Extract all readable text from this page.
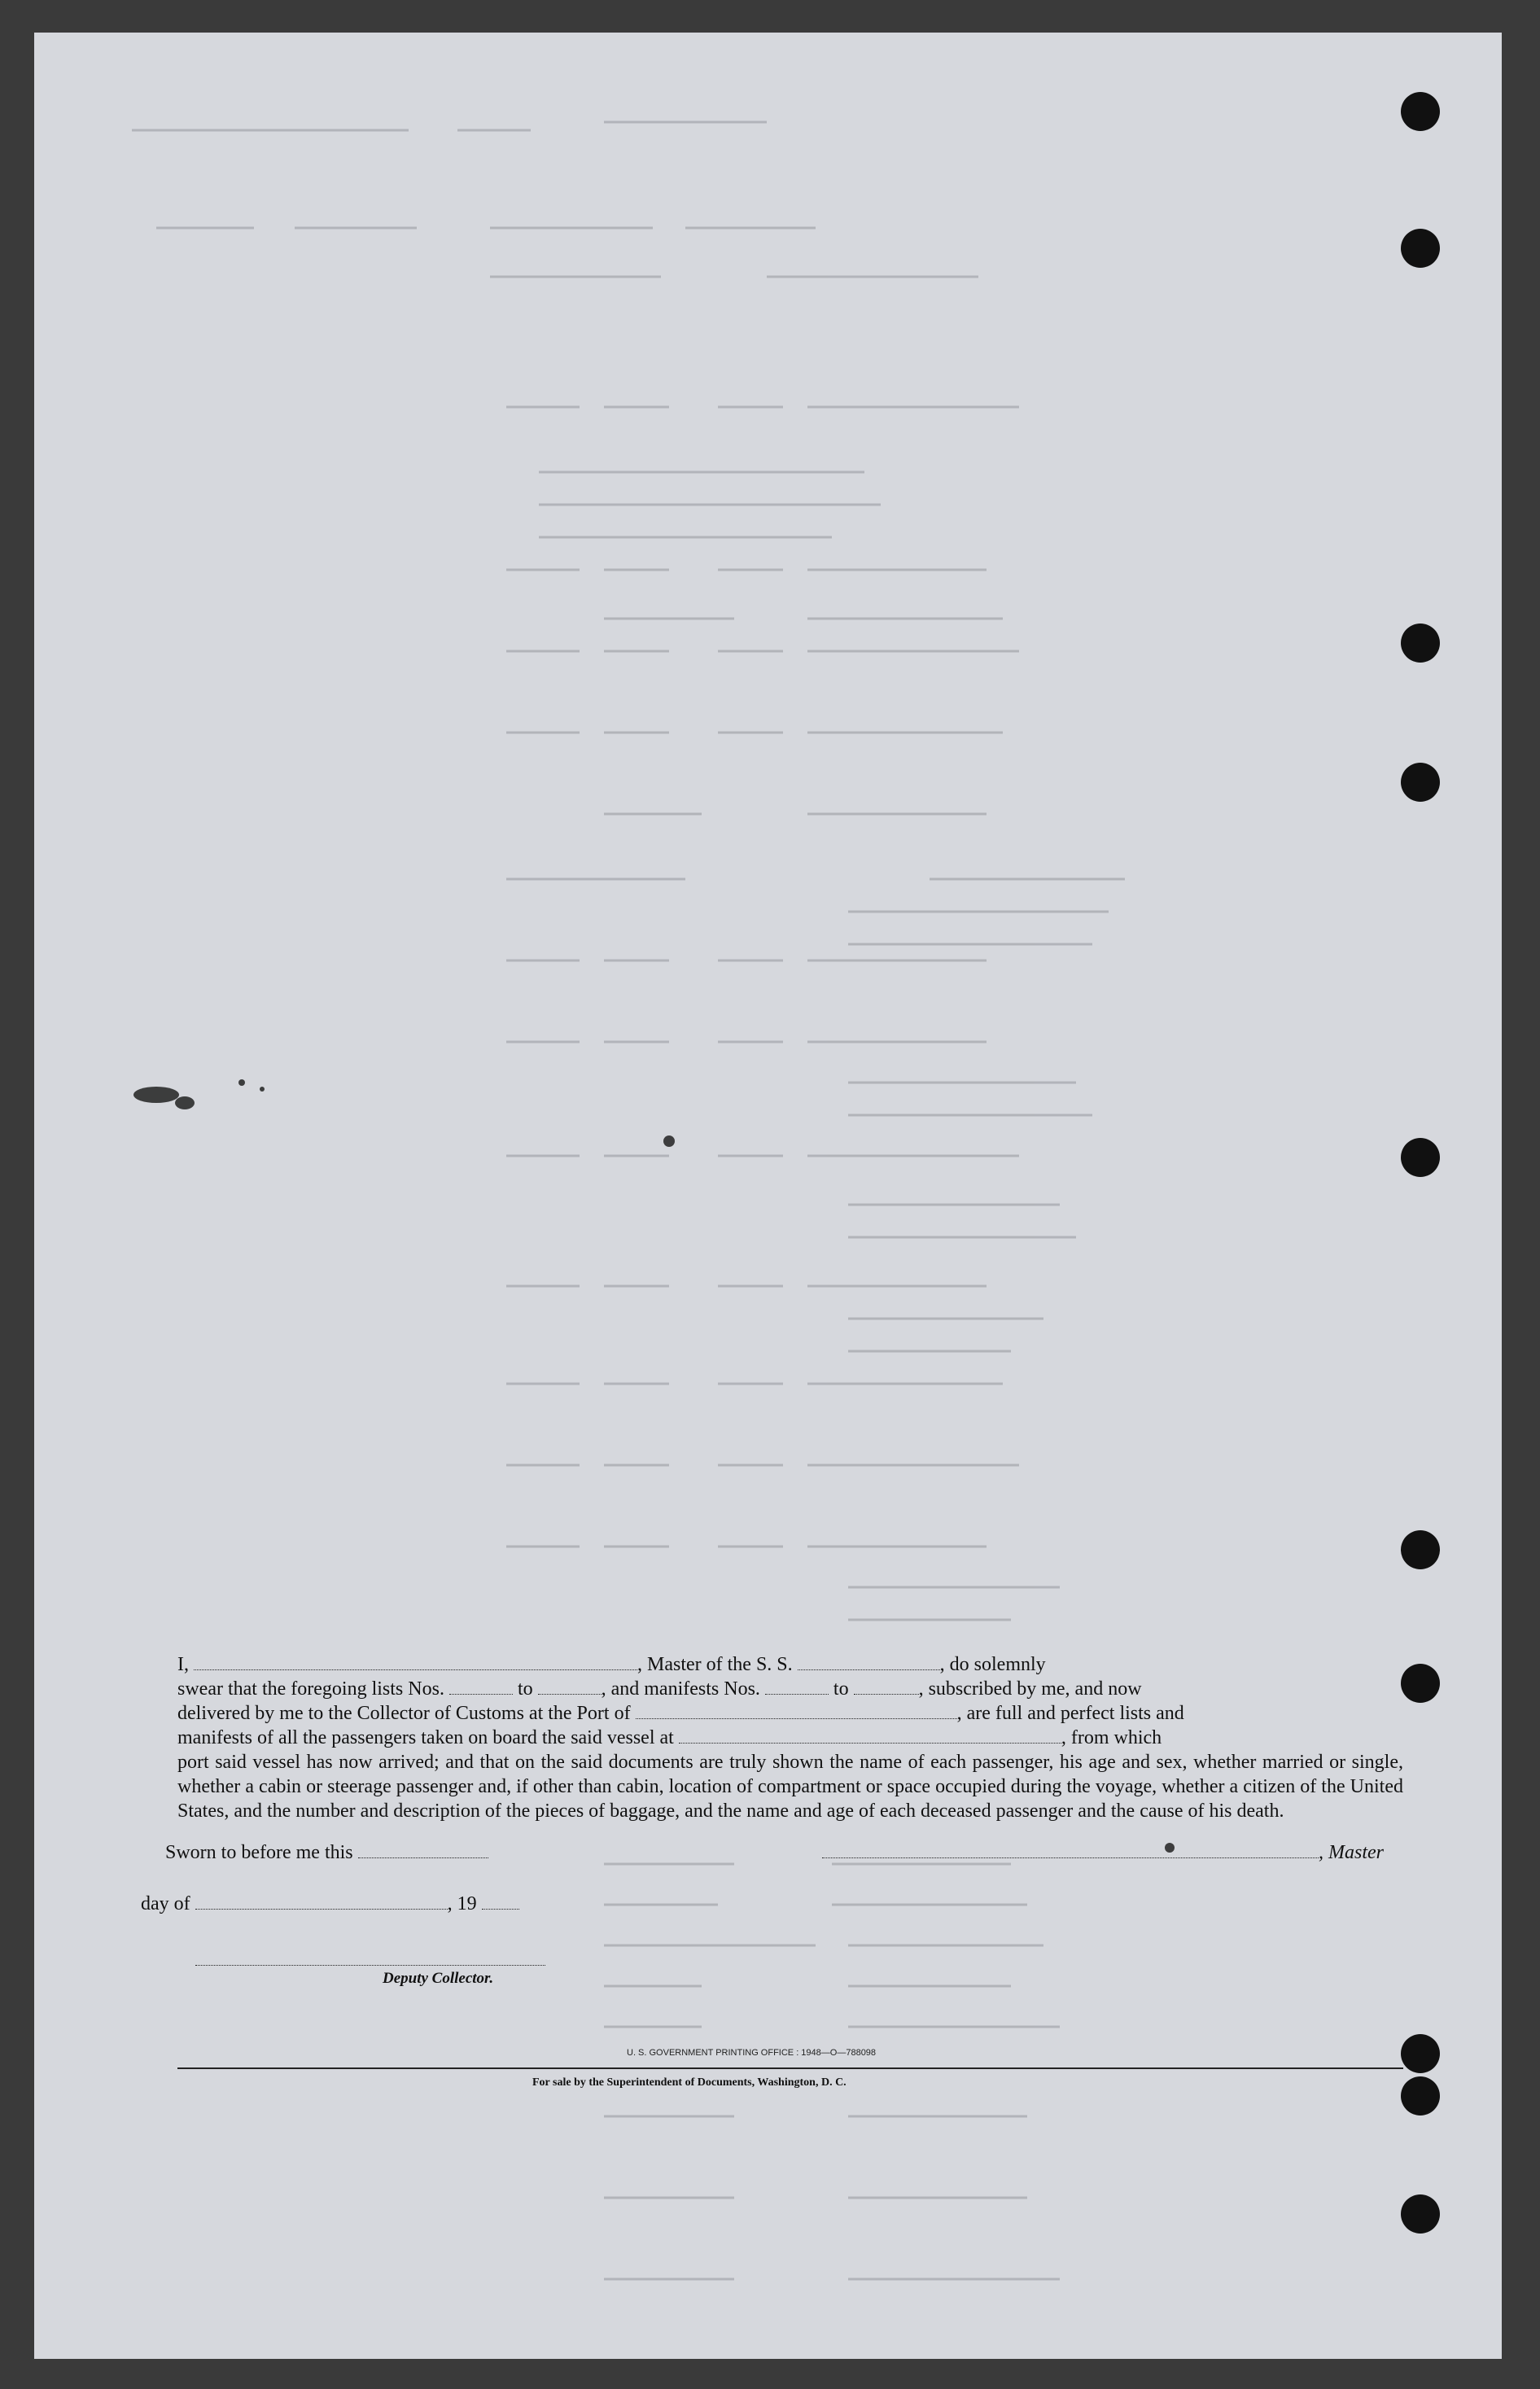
I,	, Master of the S. S.	, do solemnly
swear that the foregoing lists Nos.	to	, and manifests Nos.	to	, subscribed by me, and now
delivered by me to the Collector of Customs at the Port of	, are full and perfect lists and
manifests of all the passengers taken on board the said vessel at	, from which
port said vessel has now arrived; and that on the said documents are truly shown the name of each passenger, his age and sex, whether married or single, whether a cabin or steerage passenger and, if other than cabin, location of compartment or space occupied during the voyage, whether a citizen of the United States, and the number and description of the pieces of baggage, and the name and age of each deceased passenger and the cause of his death.
Sworn to before me this	, Master
day of	, 19
Deputy Collector.
U. S. GOVERNMENT PRINTING OFFICE : 1948—O—788098
For sale by the Superintendent of Documents, Washington, D. C.
